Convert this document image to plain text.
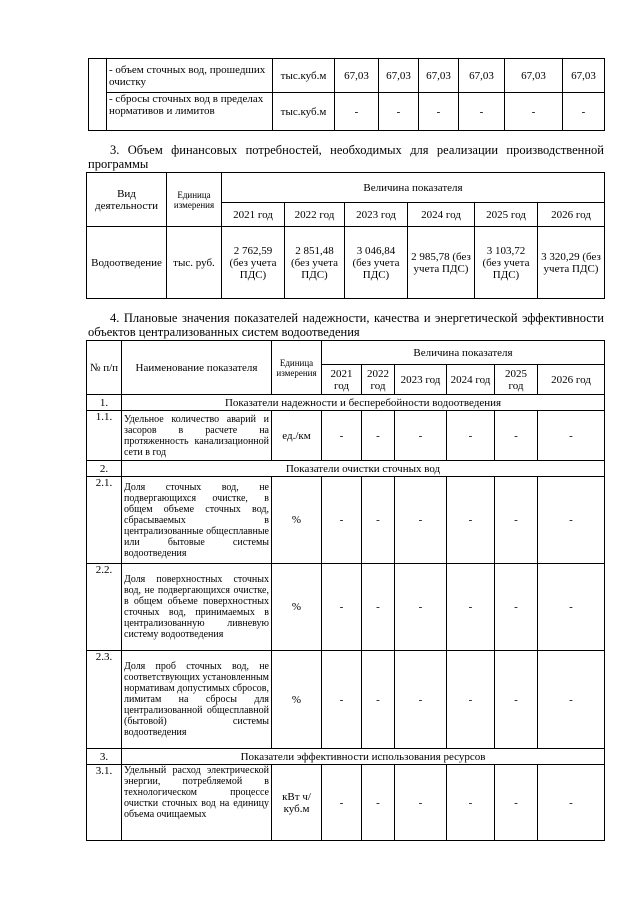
	- объем сточных вод, прошедших очистку	тыс.куб.м	67,03	67,03	67,03	67,03	67,03	67,03
	- сбросы сточных вод в пределах нормативов и лимитов	тыс.куб.м	-	-	-	-	-	-
3. Объем финансовых потребностей, необходимых для реализации производственной программы
Вид деятельности	Единица измерения	Величина показателя					
		2021 год	2022 год	2023 год	2024 год	2025 год	2026 год
Водоотведение	тыс. руб.	2 762,59 (без учета ПДС)	2 851,48 (без учета ПДС)	3 046,84 (без учета ПДС)	2 985,78 (без учета ПДС)	3 103,72 (без учета ПДС)	3 320,29 (без учета ПДС)
4. Плановые значения показателей надежности, качества и энергетической эффективности объектов централизованных систем водоотведения
№ п/п	Наименование показателя	Единица измерения	Величина показателя					
			2021 год	2022 год	2023 год	2024 год	2025 год	2026 год
1.	Показатели надежности и бесперебойности водоотведения							
1.1.	Удельное количество аварий и засоров в расчете на протяженность канализационной сети в год	ед./км	-	-	-	-	-	-
2.	Показатели очистки сточных вод							
2.1.	Доля сточных вод, не подвергающихся очистке, в общем объеме сточных вод, сбрасываемых в централизованные общесплавные или бытовые системы водоотведения	%	-	-	-	-	-	-
2.2.	Доля поверхностных сточных вод, не подвергающихся очистке, в общем объеме поверхностных сточных вод, принимаемых в централизованную ливневую систему водоотведения	%	-	-	-	-	-	-
2.3.	Доля проб сточных вод, не соответствующих установленным нормативам допустимых сбросов, лимитам на сбросы для централизованной общесплавной (бытовой) системы водоотведения	%	-	-	-	-	-	-
3.	Показатели эффективности использования ресурсов							
3.1.	Удельный расход электрической энергии, потребляемой в технологическом процессе очистки сточных вод на единицу объема очищаемых	кВт ч/куб.м	-	-	-	-	-	-
